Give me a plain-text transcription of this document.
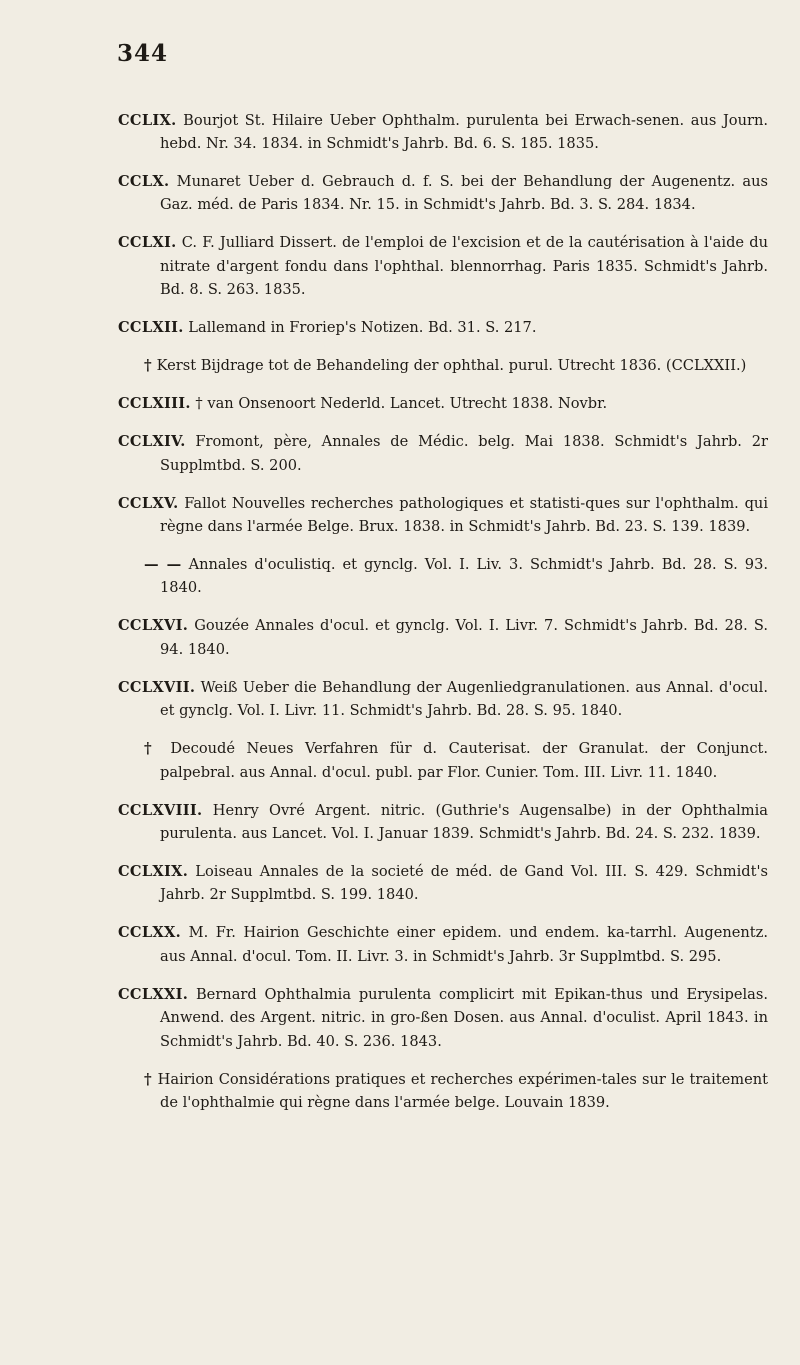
344

CCLIX. Bourjot St. Hilaire Ueber Ophthalm. purulenta bei Erwach-senen. aus Journ. hebd. Nr. 34. 1834. in Schmidt's Jahrb. Bd. 6. S. 185. 1835.

CCLX. Munaret Ueber d. Gebrauch d. f. S. bei der Behandlung der Augenentz. aus Gaz. méd. de Paris 1834. Nr. 15. in Schmidt's Jahrb. Bd. 3. S. 284. 1834.

CCLXI. C. F. Julliard Dissert. de l'emploi de l'excision et de la cautérisation à l'aide du nitrate d'argent fondu dans l'ophthal. blennorrhag. Paris 1835. Schmidt's Jahrb. Bd. 8. S. 263. 1835.

CCLXII. Lallemand in Froriep's Notizen. Bd. 31. S. 217.

† Kerst Bijdrage tot de Behandeling der ophthal. purul. Utrecht 1836. (CCLXXII.)

CCLXIII. † van Onsenoort Nederld. Lancet. Utrecht 1838. Novbr.

CCLXIV. Fromont, père, Annales de Médic. belg. Mai 1838. Schmidt's Jahrb. 2r Supplmtbd. S. 200.

CCLXV. Fallot Nouvelles recherches pathologiques et statisti-ques sur l'ophthalm. qui règne dans l'armée Belge. Brux. 1838. in Schmidt's Jahrb. Bd. 23. S. 139. 1839.

— — Annales d'oculistiq. et gynclg. Vol. I. Liv. 3. Schmidt's Jahrb. Bd. 28. S. 93. 1840.

CCLXVI. Gouzée Annales d'ocul. et gynclg. Vol. I. Livr. 7. Schmidt's Jahrb. Bd. 28. S. 94. 1840.

CCLXVII. Weiß Ueber die Behandlung der Augenliedgranulationen. aus Annal. d'ocul. et gynclg. Vol. I. Livr. 11. Schmidt's Jahrb. Bd. 28. S. 95. 1840.

† Decoudé Neues Verfahren für d. Cauterisat. der Granulat. der Conjunct. palpebral. aus Annal. d'ocul. publ. par Flor. Cunier. Tom. III. Livr. 11. 1840.

CCLXVIII. Henry Ovré Argent. nitric. (Guthrie's Augensalbe) in der Ophthalmia purulenta. aus Lancet. Vol. I. Januar 1839. Schmidt's Jahrb. Bd. 24. S. 232. 1839.

CCLXIX. Loiseau Annales de la societé de méd. de Gand Vol. III. S. 429. Schmidt's Jahrb. 2r Supplmtbd. S. 199. 1840.

CCLXX. M. Fr. Hairion Geschichte einer epidem. und endem. ka-tarrhl. Augenentz. aus Annal. d'ocul. Tom. II. Livr. 3. in Schmidt's Jahrb. 3r Supplmtbd. S. 295.

CCLXXI. Bernard Ophthalmia purulenta complicirt mit Epikan-thus und Erysipelas. Anwend. des Argent. nitric. in gro-ßen Dosen. aus Annal. d'oculist. April 1843. in Schmidt's Jahrb. Bd. 40. S. 236. 1843.

† Hairion Considérations pratiques et recherches expérimen-tales sur le traitement de l'ophthalmie qui règne dans l'armée belge. Louvain 1839.
